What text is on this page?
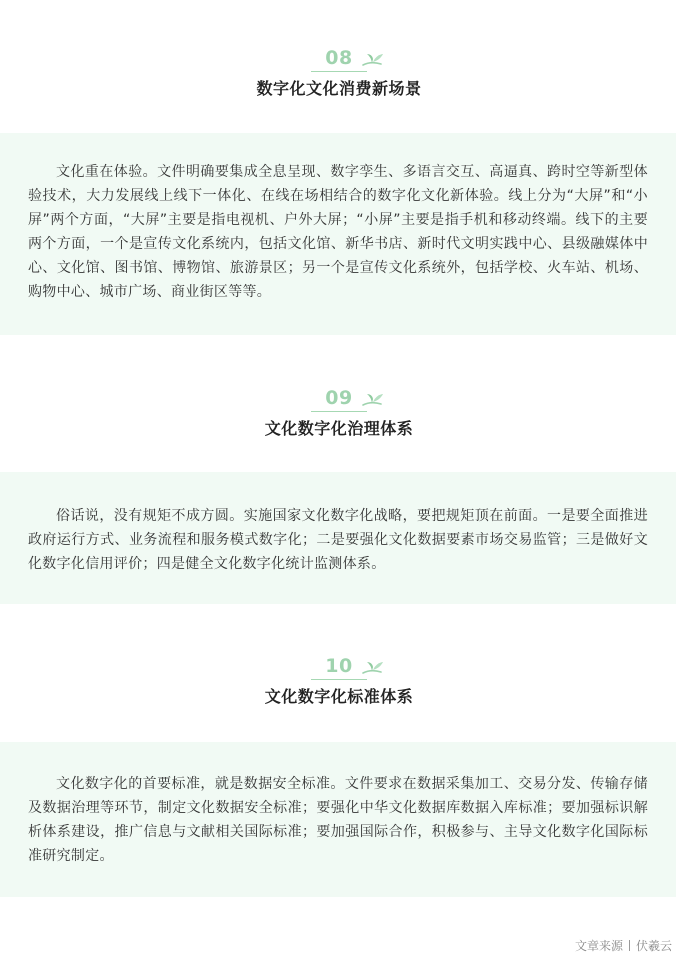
08
数字化文化消费新场景

文化重在体验。文件明确要集成全息呈现、数字孪生、多语言交互、高逼真、跨时空等新型体验技术，大力发展线上线下一体化、在线在场相结合的数字化文化新体验。线上分为“大屏”和“小屏”两个方面，“大屏”主要是指电视机、户外大屏；“小屏”主要是指手机和移动终端。线下的主要两个方面，一个是宣传文化系统内，包括文化馆、新华书店、新时代文明实践中心、县级融媒体中心、文化馆、图书馆、博物馆、旅游景区；另一个是宣传文化系统外，包括学校、火车站、机场、购物中心、城市广场、商业街区等等。

09
文化数字化治理体系

俗话说，没有规矩不成方圆。实施国家文化数字化战略，要把规矩顶在前面。一是要全面推进政府运行方式、业务流程和服务模式数字化；二是要强化文化数据要素市场交易监管；三是做好文化数字化信用评价；四是健全文化数字化统计监测体系。

10
文化数字化标准体系

文化数字化的首要标准，就是数据安全标准。文件要求在数据采集加工、交易分发、传输存储及数据治理等环节，制定文化数据安全标准；要强化中华文化数据库数据入库标准；要加强标识解析体系建设，推广信息与文献相关国际标准；要加强国际合作，积极参与、主导文化数字化国际标准研究制定。

文章来源 伏羲云
